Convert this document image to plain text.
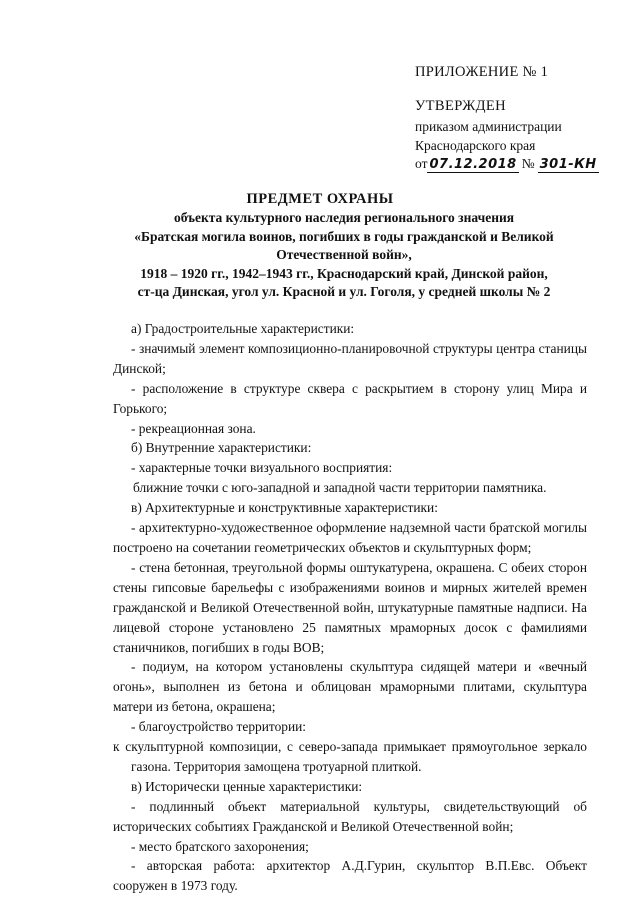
ПРИЛОЖЕНИЕ № 1
УТВЕРЖДЕН
приказом администрации
Краснодарского края
от 07.12.2018 № 301-КН
ПРЕДМЕТ ОХРАНЫ
объекта культурного наследия регионального значения
«Братская могила воинов, погибших в годы гражданской и Великой
Отечественной войн»,
1918 – 1920 гг., 1942–1943 гг., Краснодарский край, Динской район,
ст-ца Динская, угол ул. Красной и ул. Гоголя, у средней школы № 2

а) Градостроительные характеристики:

- значимый элемент композиционно-планировочной структуры центра станицы Динской;

- расположение в структуре сквера с раскрытием в сторону улиц Мира и Горького;

- рекреационная зона.

б) Внутренние характеристики:

- характерные точки визуального восприятия:

ближние точки с юго-западной и западной части территории памятника.

в) Архитектурные и конструктивные характеристики:

- архитектурно-художественное оформление надземной части братской могилы построено на сочетании геометрических объектов и скульптурных форм;

- стена бетонная, треугольной формы оштукатурена, окрашена. С обеих сторон стены гипсовые барельефы с изображениями воинов и мирных жителей времен гражданской и Великой Отечественной войн, штукатурные памятные надписи. На лицевой стороне установлено 25 памятных мраморных досок с фамилиями станичников, погибших в годы ВОВ;

- подиум, на котором установлены скульптура сидящей матери и «вечный огонь», выполнен из бетона и облицован мраморными плитами, скульптура матери из бетона, окрашена;

- благоустройство территории:

к скульптурной композиции, с северо-запада примыкает прямоугольное зеркало газона. Территория замощена тротуарной плиткой.

в) Исторически ценные характеристики:

- подлинный объект материальной культуры, свидетельствующий об исторических событиях Гражданской и Великой Отечественной войн;

- место братского захоронения;

- авторская работа: архитектор А.Д.Гурин, скульптор В.П.Евс. Объект сооружен в 1973 году.
